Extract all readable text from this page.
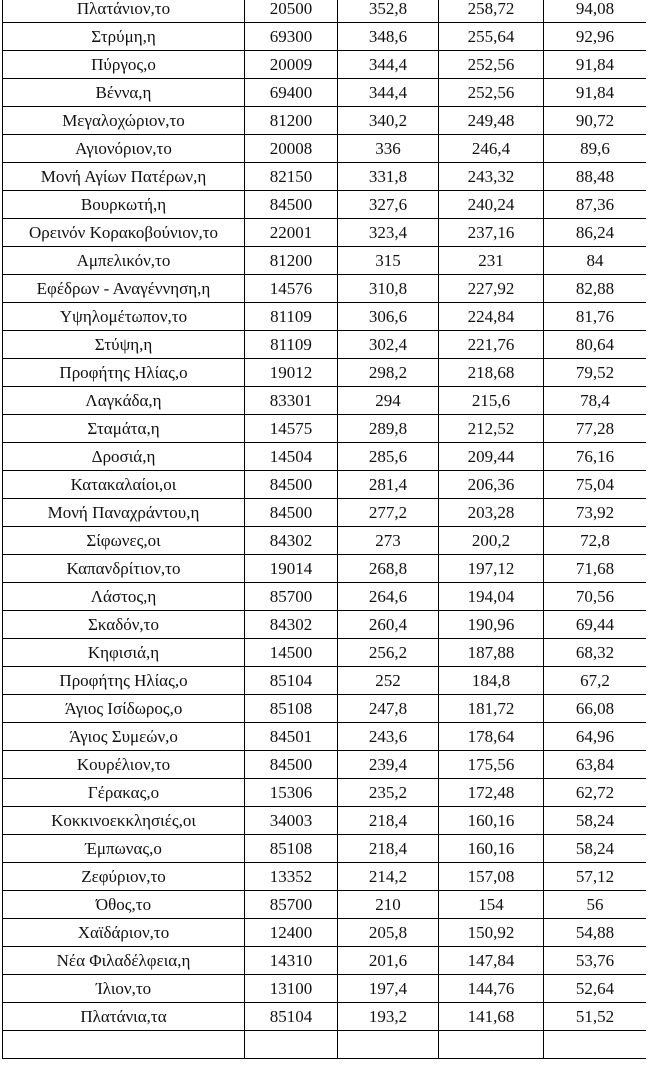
Πλατάνιον,το	20500	352,8	258,72	94,08
Στρύμη,η	69300	348,6	255,64	92,96
Πύργος,ο	20009	344,4	252,56	91,84
Βέννα,η	69400	344,4	252,56	91,84
Μεγαλοχώριον,το	81200	340,2	249,48	90,72
Αγιονόριον,το	20008	336	246,4	89,6
Μονή Αγίων Πατέρων,η	82150	331,8	243,32	88,48
Βουρκωτή,η	84500	327,6	240,24	87,36
Ορεινόν Κορακοβούνιον,το	22001	323,4	237,16	86,24
Αμπελικόν,το	81200	315	231	84
Εφέδρων - Αναγέννηση,η	14576	310,8	227,92	82,88
Υψηλομέτωπον,το	81109	306,6	224,84	81,76
Στύψη,η	81109	302,4	221,76	80,64
Προφήτης Ηλίας,ο	19012	298,2	218,68	79,52
Λαγκάδα,η	83301	294	215,6	78,4
Σταμάτα,η	14575	289,8	212,52	77,28
Δροσιά,η	14504	285,6	209,44	76,16
Κατακαλαίοι,οι	84500	281,4	206,36	75,04
Μονή Παναχράντου,η	84500	277,2	203,28	73,92
Σίφωνες,οι	84302	273	200,2	72,8
Καπανδρίτιον,το	19014	268,8	197,12	71,68
Λάστος,η	85700	264,6	194,04	70,56
Σκαδόν,το	84302	260,4	190,96	69,44
Κηφισιά,η	14500	256,2	187,88	68,32
Προφήτης Ηλίας,ο	85104	252	184,8	67,2
Άγιος Ισίδωρος,ο	85108	247,8	181,72	66,08
Άγιος Συμεών,ο	84501	243,6	178,64	64,96
Κουρέλιον,το	84500	239,4	175,56	63,84
Γέρακας,ο	15306	235,2	172,48	62,72
Κοκκινοεκκλησιές,οι	34003	218,4	160,16	58,24
Έμπωνας,ο	85108	218,4	160,16	58,24
Ζεφύριον,το	13352	214,2	157,08	57,12
Όθος,το	85700	210	154	56
Χαϊδάριον,το	12400	205,8	150,92	54,88
Νέα Φιλαδέλφεια,η	14310	201,6	147,84	53,76
Ίλιον,το	13100	197,4	144,76	52,64
Πλατάνια,τα	85104	193,2	141,68	51,52
